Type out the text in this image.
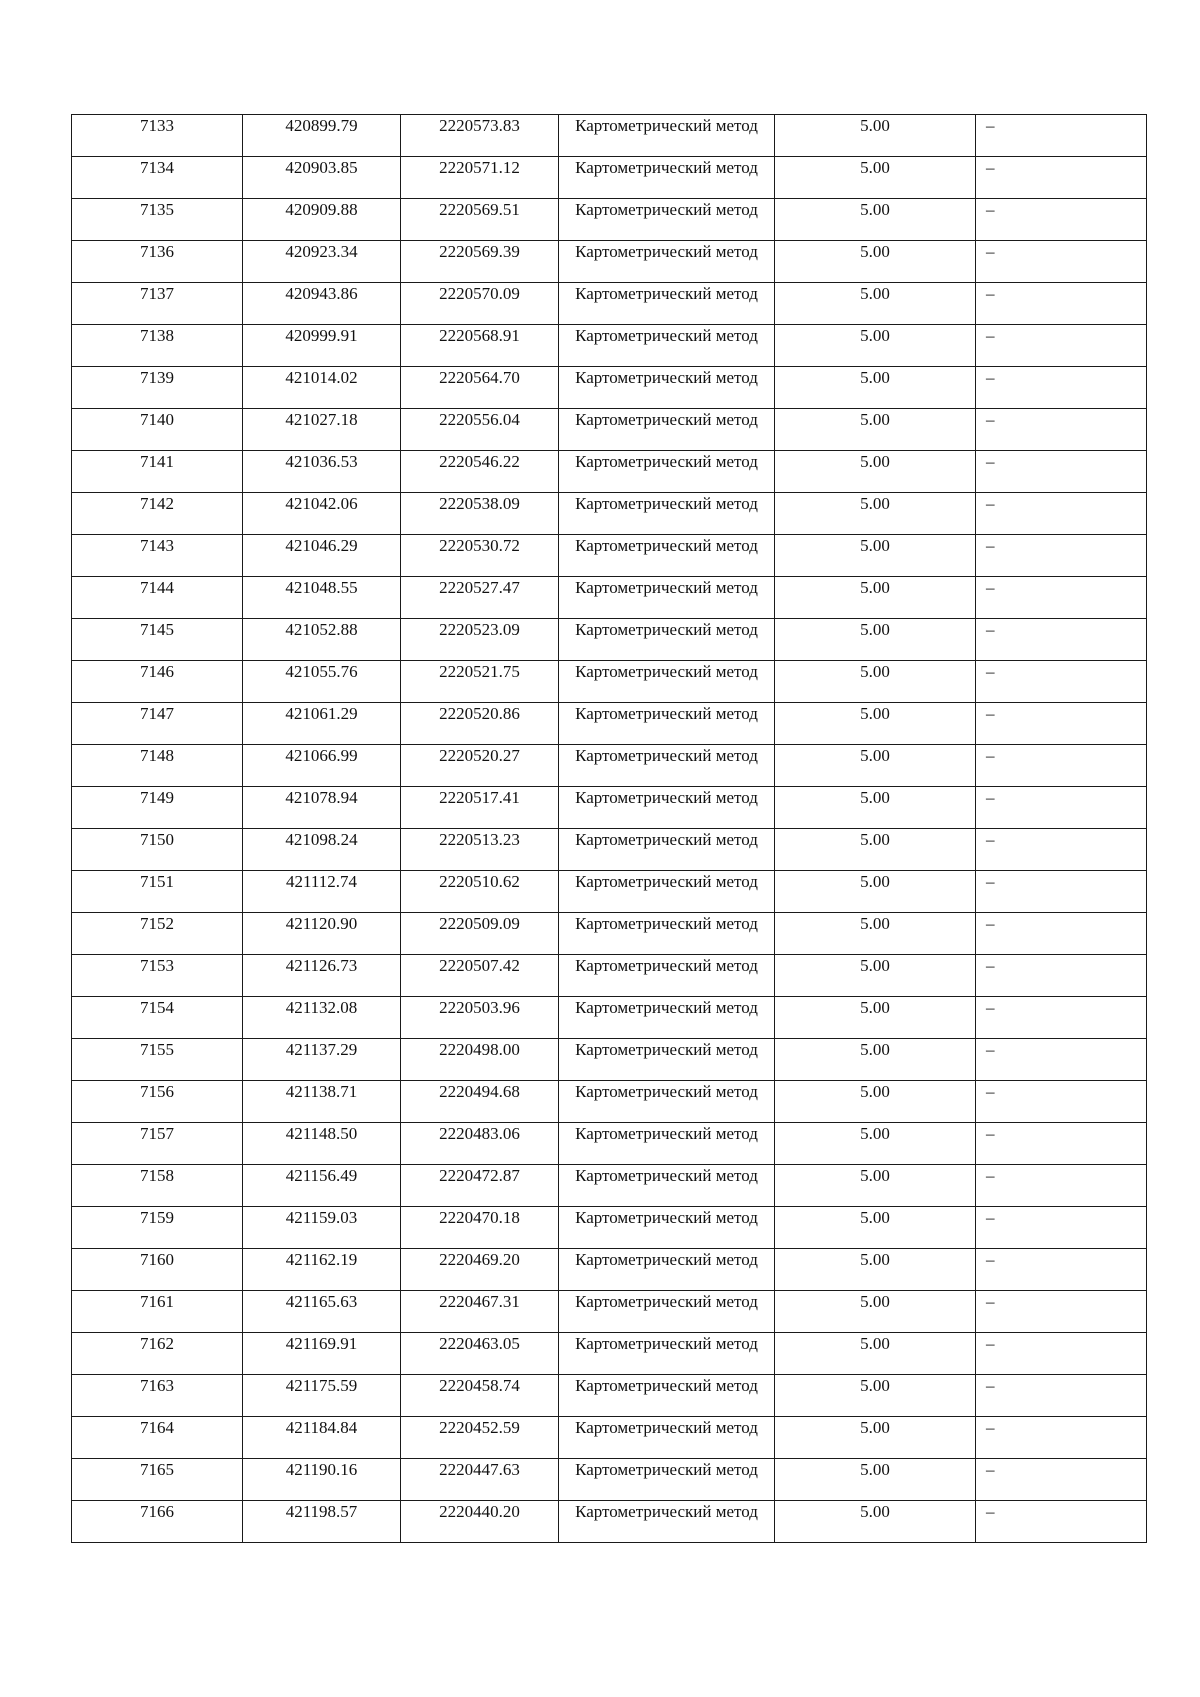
7133	420899.79	2220573.83	Картометрический метод	5.00	–

7134	420903.85	2220571.12	Картометрический метод	5.00	–

7135	420909.88	2220569.51	Картометрический метод	5.00	–

7136	420923.34	2220569.39	Картометрический метод	5.00	–

7137	420943.86	2220570.09	Картометрический метод	5.00	–

7138	420999.91	2220568.91	Картометрический метод	5.00	–

7139	421014.02	2220564.70	Картометрический метод	5.00	–

7140	421027.18	2220556.04	Картометрический метод	5.00	–

7141	421036.53	2220546.22	Картометрический метод	5.00	–

7142	421042.06	2220538.09	Картометрический метод	5.00	–

7143	421046.29	2220530.72	Картометрический метод	5.00	–

7144	421048.55	2220527.47	Картометрический метод	5.00	–

7145	421052.88	2220523.09	Картометрический метод	5.00	–

7146	421055.76	2220521.75	Картометрический метод	5.00	–

7147	421061.29	2220520.86	Картометрический метод	5.00	–

7148	421066.99	2220520.27	Картометрический метод	5.00	–

7149	421078.94	2220517.41	Картометрический метод	5.00	–

7150	421098.24	2220513.23	Картометрический метод	5.00	–

7151	421112.74	2220510.62	Картометрический метод	5.00	–

7152	421120.90	2220509.09	Картометрический метод	5.00	–

7153	421126.73	2220507.42	Картометрический метод	5.00	–

7154	421132.08	2220503.96	Картометрический метод	5.00	–

7155	421137.29	2220498.00	Картометрический метод	5.00	–

7156	421138.71	2220494.68	Картометрический метод	5.00	–

7157	421148.50	2220483.06	Картометрический метод	5.00	–

7158	421156.49	2220472.87	Картометрический метод	5.00	–

7159	421159.03	2220470.18	Картометрический метод	5.00	–

7160	421162.19	2220469.20	Картометрический метод	5.00	–

7161	421165.63	2220467.31	Картометрический метод	5.00	–

7162	421169.91	2220463.05	Картометрический метод	5.00	–

7163	421175.59	2220458.74	Картометрический метод	5.00	–

7164	421184.84	2220452.59	Картометрический метод	5.00	–

7165	421190.16	2220447.63	Картометрический метод	5.00	–

7166	421198.57	2220440.20	Картометрический метод	5.00	–
